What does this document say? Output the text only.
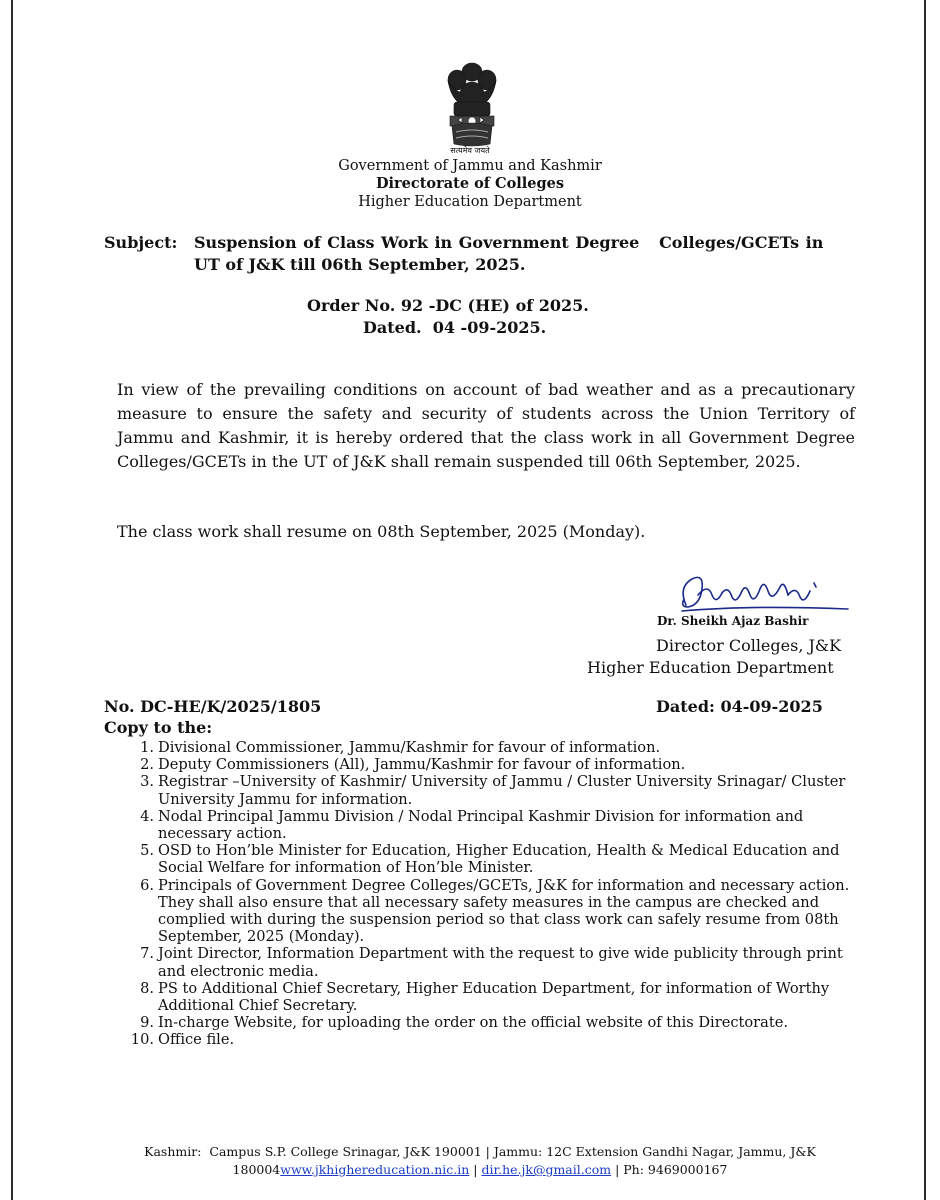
सत्यमेव जयते
Government of Jammu and Kashmir
Directorate of Colleges
Higher Education Department
Subject: Suspension of Class Work in Government Degree   Colleges/GCETs in
UT of J&K till 06th September, 2025.
Order No. 92 -DC (HE) of 2025.
Dated.  04 -09-2025.

In view of the prevailing conditions on account of bad weather and as a precautionary measure to ensure the safety and security of students across the Union Territory of Jammu and Kashmir, it is hereby ordered that the class work in all Government Degree Colleges/GCETs in the UT of J&K shall remain suspended till 06th September, 2025.

The class work shall resume on 08th September, 2025 (Monday).
Dr. Sheikh Ajaz Bashir
Director Colleges, J&K
Higher Education Department
No. DC-HE/K/2025/1805	Dated: 04-09-2025
Copy to the:
1. Divisional Commissioner, Jammu/Kashmir for favour of information.
2. Deputy Commissioners (All), Jammu/Kashmir for favour of information.
3. Registrar –University of Kashmir/ University of Jammu / Cluster University Srinagar/ Cluster University Jammu for information.
4. Nodal Principal Jammu Division / Nodal Principal Kashmir Division for information and necessary action.
5. OSD to Hon’ble Minister for Education, Higher Education, Health & Medical Education and Social Welfare for information of Hon’ble Minister.
6. Principals of Government Degree Colleges/GCETs, J&K for information and necessary action. They shall also ensure that all necessary safety measures in the campus are checked and complied with during the suspension period so that class work can safely resume from 08th September, 2025 (Monday).
7. Joint Director, Information Department with the request to give wide publicity through print and electronic media.
8. PS to Additional Chief Secretary, Higher Education Department, for information of Worthy Additional Chief Secretary.
9. In-charge Website, for uploading the order on the official website of this Directorate.
10. Office file.
Kashmir:  Campus S.P. College Srinagar, J&K 190001 | Jammu: 12C Extension Gandhi Nagar, Jammu, J&K
180004www.jkhighereducation.nic.in | dir.he.jk@gmail.com | Ph: 9469000167
